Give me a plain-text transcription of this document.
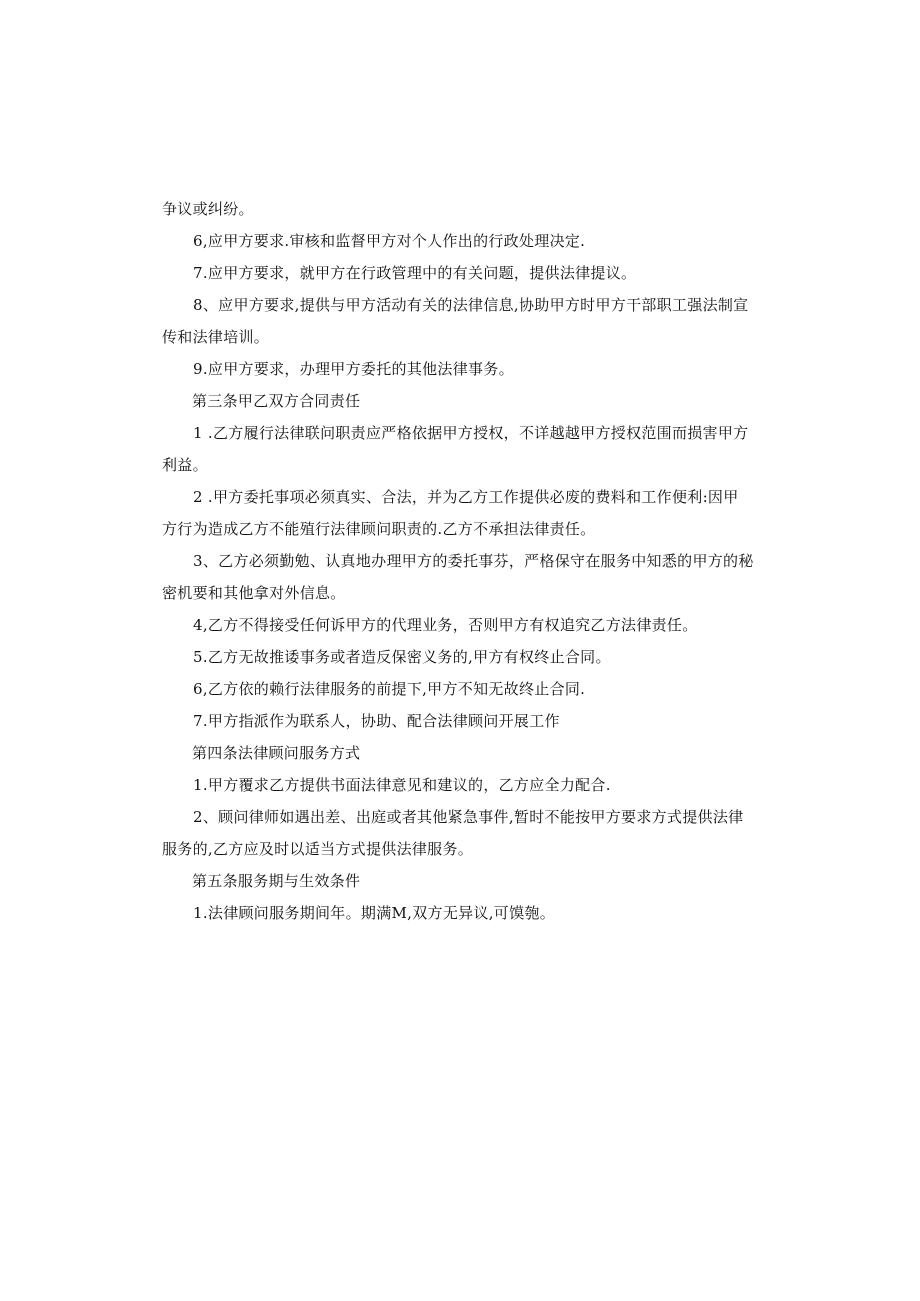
争议或纠纷。
6,应甲方要求.审核和监督甲方对个人作出的行政处理决定.
7.应甲方要求，就甲方在行政管理中的有关问题，提供法律提议。
8、应甲方要求,提供与甲方活动有关的法律信息,协助甲方时甲方干部职工强法制宣
传和法律培训。
9.应甲方要求，办理甲方委托的其他法律事务。
第三条甲乙双方合同责任
1 .乙方履行法律联问职责应严格依据甲方授权，不详越越甲方授权范围而损害甲方
利益。
2 .甲方委托事项必须真实、合法，并为乙方工作提供必废的费料和工作便利:因甲
方行为造成乙方不能殖行法律顾问职责的.乙方不承担法律责任。
3、乙方必须勤勉、认真地办理甲方的委托事芬，严格保守在服务中知悉的甲方的秘
密机要和其他拿对外信息。
4,乙方不得接受任何诉甲方的代理业务，否则甲方有权追究乙方法律责任。
5.乙方无故推诿事务或者造反保密义务的,甲方有权终止合同。
6,乙方依的赖行法律服务的前提下,甲方不知无故终止合同.
7.甲方指派作为联系人，协助、配合法律顾问开展工作
第四条法律顾问服务方式
1.甲方覆求乙方提供书面法律意见和建议的，乙方应全力配合.
2、顾问律师如遇出差、出庭或者其他紧急事件,暂时不能按甲方要求方式提供法律
服务的,乙方应及时以适当方式提供法律服务。
第五条服务期与生效条件
1.法律顾问服务期间年。期满M,双方无异议,可馍匏。
